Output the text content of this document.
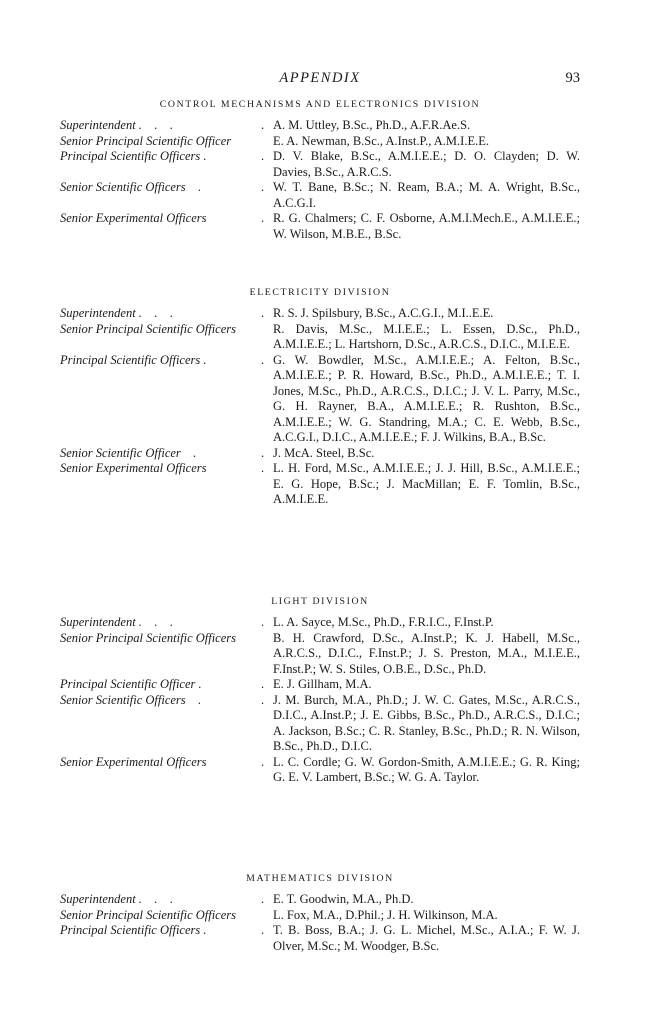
APPENDIX	93
CONTROL MECHANISMS AND ELECTRONICS DIVISION
Superintendent .    .    .	. A. M. Uttley, B.Sc., Ph.D., A.F.R.Ae.S.
Senior Principal Scientific Officer	E. A. Newman, B.Sc., A.Inst.P., A.M.I.E.E.
Principal Scientific Officers .	. D. V. Blake, B.Sc., A.M.I.E.E.; D. O. Clayden; D. W. Davies, B.Sc., A.R.C.S.
Senior Scientific Officers    .	. W. T. Bane, B.Sc.; N. Ream, B.A.; M. A. Wright, B.Sc., A.C.G.I.
Senior Experimental Officers	. R. G. Chalmers; C. F. Osborne, A.M.I.Mech.E., A.M.I.E.E.; W. Wilson, M.B.E., B.Sc.
ELECTRICITY DIVISION
Superintendent .    .    .	. R. S. J. Spilsbury, B.Sc., A.C.G.I., M.I..E.E.
Senior Principal Scientific Officers	R. Davis, M.Sc., M.I.E.E.; L. Essen, D.Sc., Ph.D., A.M.I.E.E.; L. Hartshorn, D.Sc., A.R.C.S., D.I.C., M.I.E.E.
Principal Scientific Officers .	. G. W. Bowdler, M.Sc., A.M.I.E.E.; A. Felton, B.Sc., A.M.I.E.E.; P. R. Howard, B.Sc., Ph.D., A.M.I.E.E.; T. I. Jones, M.Sc., Ph.D., A.R.C.S., D.I.C.; J. V. L. Parry, M.Sc., G. H. Rayner, B.A., A.M.I.E.E.; R. Rushton, B.Sc., A.M.I.E.E.; W. G. Standring, M.A.; C. E. Webb, B.Sc., A.C.G.I., D.I.C., A.M.I.E.E.; F. J. Wilkins, B.A., B.Sc.
Senior Scientific Officer    .	. J. McA. Steel, B.Sc.
Senior Experimental Officers	. L. H. Ford, M.Sc., A.M.I.E.E.; J. J. Hill, B.Sc., A.M.I.E.E.; E. G. Hope, B.Sc.; J. MacMillan; E. F. Tomlin, B.Sc., A.M.I.E.E.
LIGHT DIVISION
Superintendent .    .    .	. L. A. Sayce, M.Sc., Ph.D., F.R.I.C., F.Inst.P.
Senior Principal Scientific Officers	B. H. Crawford, D.Sc., A.Inst.P.; K. J. Habell, M.Sc., A.R.C.S., D.I.C., F.Inst.P.; J. S. Preston, M.A., M.I.E.E., F.Inst.P.; W. S. Stiles, O.B.E., D.Sc., Ph.D.
Principal Scientific Officer .	. E. J. Gillham, M.A.
Senior Scientific Officers    .	. J. M. Burch, M.A., Ph.D.; J. W. C. Gates, M.Sc., A.R.C.S., D.I.C., A.Inst.P.; J. E. Gibbs, B.Sc., Ph.D., A.R.C.S., D.I.C.; A. Jackson, B.Sc.; C. R. Stanley, B.Sc., Ph.D.; R. N. Wilson, B.Sc., Ph.D., D.I.C.
Senior Experimental Officers	. L. C. Cordle; G. W. Gordon-Smith, A.M.I.E.E.; G. R. King; G. E. V. Lambert, B.Sc.; W. G. A. Taylor.
MATHEMATICS DIVISION
Superintendent .    .    .	. E. T. Goodwin, M.A., Ph.D.
Senior Principal Scientific Officers	L. Fox, M.A., D.Phil.; J. H. Wilkinson, M.A.
Principal Scientific Officers .	. T. B. Boss, B.A.; J. G. L. Michel, M.Sc., A.I.A.; F. W. J. Olver, M.Sc.; M. Woodger, B.Sc.
